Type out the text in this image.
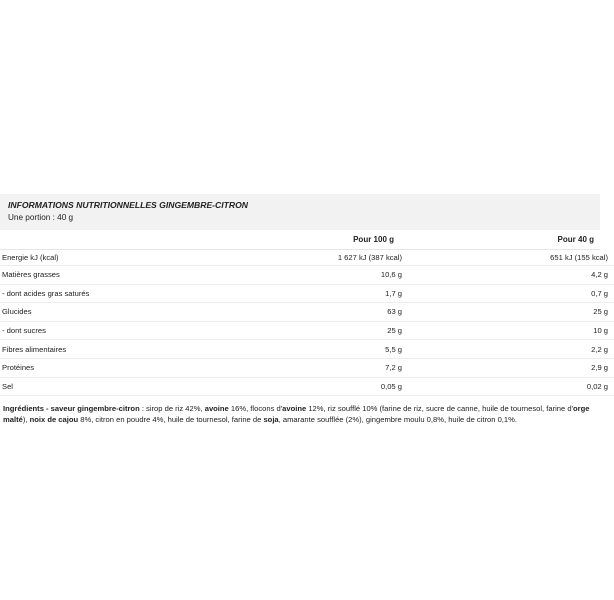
INFORMATIONS NUTRITIONNELLES GINGEMBRE-CITRON
Une portion : 40 g
Pour 100 g	Pour 40 g
Energie kJ (kcal)	1 627 kJ (387 kcal)	651 kJ (155 kcal)
Matières grasses	10,6 g	4,2 g
- dont acides gras saturés	1,7 g	0,7 g
Glucides	63 g	25 g
- dont sucres	25 g	10 g
Fibres alimentaires	5,5 g	2,2 g
Protéines	7,2 g	2,9 g
Sel	0,05 g	0,02 g
Ingrédients - saveur gingembre-citron : sirop de riz 42%, avoine 16%, flocons d'avoine 12%, riz soufflé 10% (farine de riz, sucre de canne, huile de tournesol, farine d'orge malté), noix de cajou 8%, citron en poudre 4%, huile de tournesol, farine de soja, amarante soufflée (2%), gingembre moulu 0,8%, huile de citron 0,1%.
